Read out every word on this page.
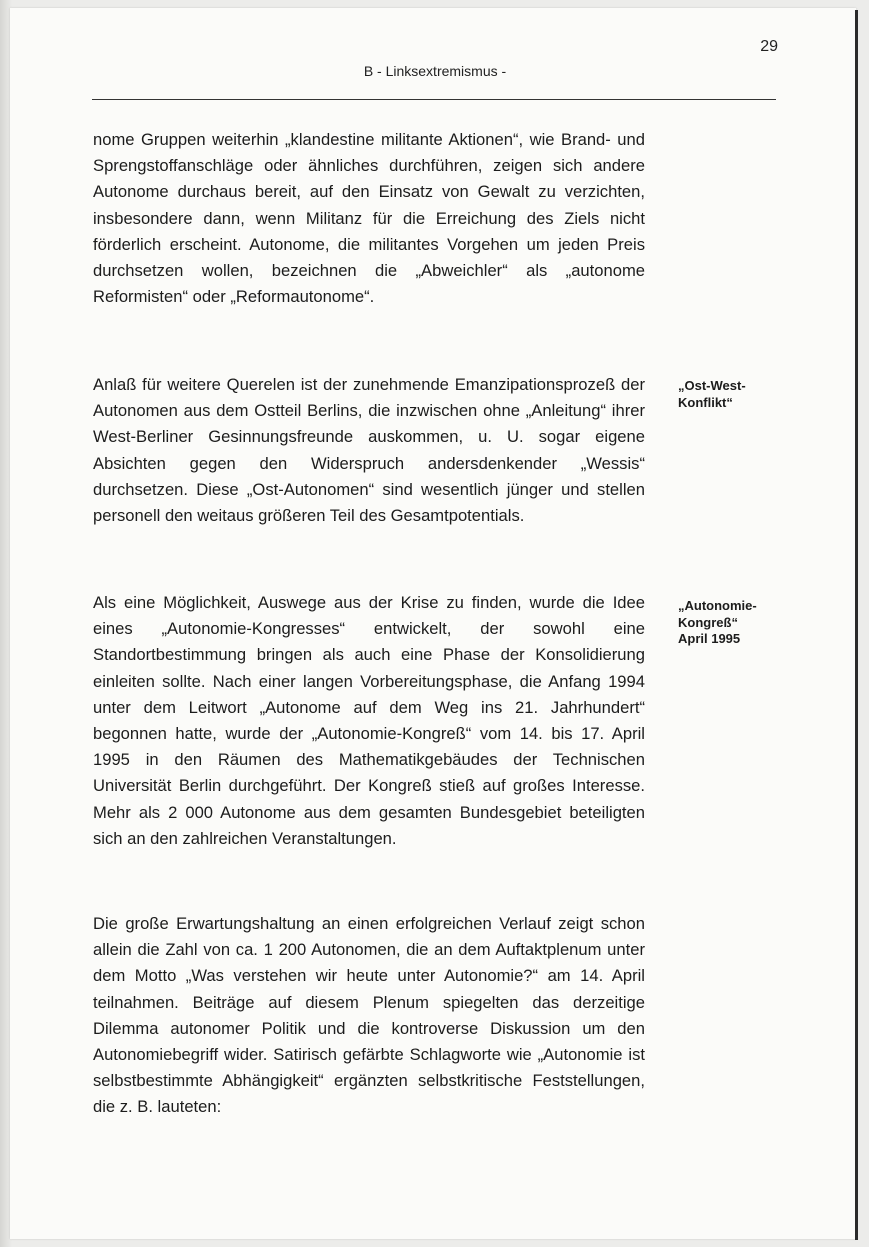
29
B - Linksextremismus -

nome Gruppen weiterhin „klandestine militante Aktionen“, wie Brand- und Sprengstoffanschläge oder ähnliches durchführen, zeigen sich andere Autonome durchaus bereit, auf den Einsatz von Gewalt zu verzichten, insbesondere dann, wenn Militanz für die Erreichung des Ziels nicht förderlich erscheint. Autonome, die militantes Vorgehen um jeden Preis durchsetzen wollen, bezeichnen die „Abweichler“ als „autonome Reformisten“ oder „Reformautonome“.

Anlaß für weitere Querelen ist der zunehmende Emanzipationsprozeß der Autonomen aus dem Ostteil Berlins, die inzwischen ohne „Anleitung“ ihrer West-Berliner Gesinnungsfreunde auskommen, u. U. sogar eigene Absichten gegen den Widerspruch andersdenkender „Wessis“ durchsetzen. Diese „Ost-Autonomen“ sind wesentlich jünger und stellen personell den weitaus größeren Teil des Gesamtpotentials.

Als eine Möglichkeit, Auswege aus der Krise zu finden, wurde die Idee eines „Autonomie-Kongresses“ entwickelt, der sowohl eine Standortbestimmung bringen als auch eine Phase der Konsolidierung einleiten sollte. Nach einer langen Vorbereitungsphase, die Anfang 1994 unter dem Leitwort „Autonome auf dem Weg ins 21. Jahrhundert“ begonnen hatte, wurde der „Autonomie-Kongreß“ vom 14. bis 17. April 1995 in den Räumen des Mathematikgebäudes der Technischen Universität Berlin durchgeführt. Der Kongreß stieß auf großes Interesse. Mehr als 2 000 Autonome aus dem gesamten Bundesgebiet beteiligten sich an den zahlreichen Veranstaltungen.

Die große Erwartungshaltung an einen erfolgreichen Verlauf zeigt schon allein die Zahl von ca. 1 200 Autonomen, die an dem Auftaktplenum unter dem Motto „Was verstehen wir heute unter Autonomie?“ am 14. April teilnahmen. Beiträge auf diesem Plenum spiegelten das derzeitige Dilemma autonomer Politik und die kontroverse Diskussion um den Autonomiebegriff wider. Satirisch gefärbte Schlagworte wie „Autonomie ist selbstbestimmte Abhängigkeit“ ergänzten selbstkritische Feststellungen, die z. B. lauteten:

„Ost-West-Konflikt“

„Autonomie-Kongreß“ April 1995
